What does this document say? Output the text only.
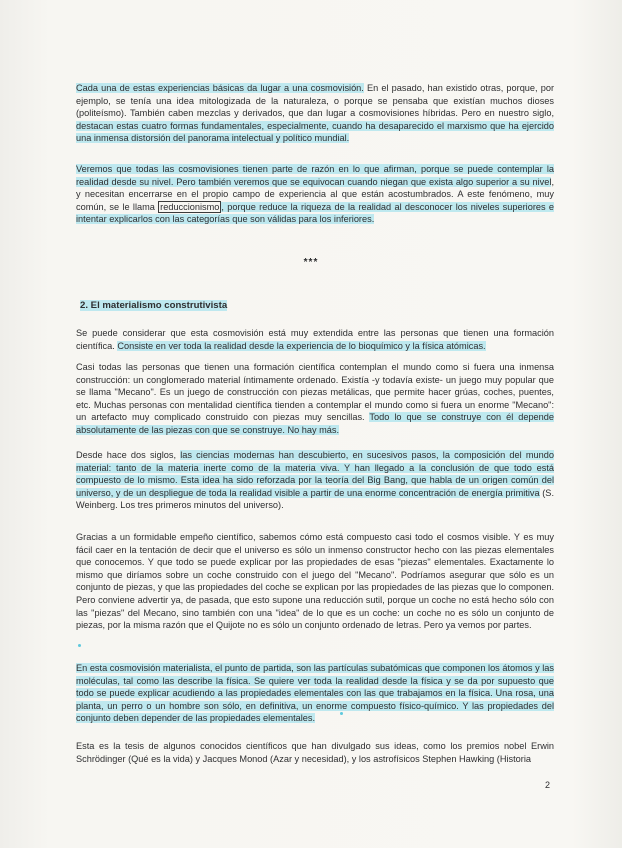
Cada una de estas experiencias básicas da lugar a una cosmovisión. En el pasado, han existido otras, porque, por ejemplo, se tenía una idea mitologizada de la naturaleza, o porque se pensaba que existían muchos dioses (politeísmo). También caben mezclas y derivados, que dan lugar a cosmovisiones híbridas. Pero en nuestro siglo, destacan estas cuatro formas fundamentales, especialmente, cuando ha desaparecido el marxismo que ha ejercido una inmensa distorsión del panorama intelectual y político mundial.

Veremos que todas las cosmovisiones tienen parte de razón en lo que afirman, porque se puede contemplar la realidad desde su nivel. Pero también veremos que se equivocan cuando niegan que exista algo superior a su nivel, y necesitan encerrarse en el propio campo de experiencia al que están acostumbrados. A este fenómeno, muy común, se le llama reduccionismo , porque reduce la riqueza de la realidad al desconocer los niveles superiores e intentar explicarlos con las categorías que son válidas para los inferiores.

***
2. El materialismo construtivista

Se puede considerar que esta cosmovisión está muy extendida entre las personas que tienen una formación científica. Consiste en ver toda la realidad desde la experiencia de lo bioquímico y la física atómicas.

Casi todas las personas que tienen una formación científica contemplan el mundo como si fuera una inmensa construcción: un conglomerado material íntimamente ordenado. Existía -y todavía existe- un juego muy popular que se llama "Mecano". Es un juego de construcción con piezas metálicas, que permite hacer grúas, coches, puentes, etc. Muchas personas con mentalidad científica tienden a contemplar el mundo como si fuera un enorme "Mecano": un artefacto muy complicado construido con piezas muy sencillas. Todo lo que se construye con él depende absolutamente de las piezas con que se construye. No hay más.

Desde hace dos siglos, las ciencias modernas han descubierto, en sucesivos pasos, la composición del mundo material: tanto de la materia inerte como de la materia viva. Y han llegado a la conclusión de que todo está compuesto de lo mismo. Esta idea ha sido reforzada por la teoría del Big Bang, que habla de un origen común del universo, y de un despliegue de toda la realidad visible a partir de una enorme concentración de energía primitiva (S. Weinberg. Los tres primeros minutos del universo).

Gracias a un formidable empeño científico, sabemos cómo está compuesto casi todo el cosmos visible. Y es muy fácil caer en la tentación de decir que el universo es sólo un inmenso constructor hecho con las piezas elementales que conocemos. Y que todo se puede explicar por las propiedades de esas "piezas" elementales. Exactamente lo mismo que diríamos sobre un coche construido con el juego del "Mecano". Podríamos asegurar que sólo es un conjunto de piezas, y que las propiedades del coche se explican por las propiedades de las piezas que lo componen. Pero conviene advertir ya, de pasada, que esto supone una reducción sutil, porque un coche no está hecho sólo con las "piezas" del Mecano, sino también con una "idea" de lo que es un coche: un coche no es sólo un conjunto de piezas, por la misma razón que el Quijote no es sólo un conjunto ordenado de letras. Pero ya vemos por partes.

En esta cosmovisión materialista, el punto de partida, son las partículas subatómicas que componen los átomos y las moléculas, tal como las describe la física. Se quiere ver toda la realidad desde la física y se da por supuesto que todo se puede explicar acudiendo a las propiedades elementales con las que trabajamos en la física. Una rosa, una planta, un perro o un hombre son sólo, en definitiva, un enorme compuesto físico-químico. Y las propiedades del conjunto deben depender de las propiedades elementales.

Esta es la tesis de algunos conocidos científicos que han divulgado sus ideas, como los premios nobel Erwin Schrödinger (Qué es la vida) y Jacques Monod (Azar y necesidad), y los astrofísicos Stephen Hawking (Historia

2
